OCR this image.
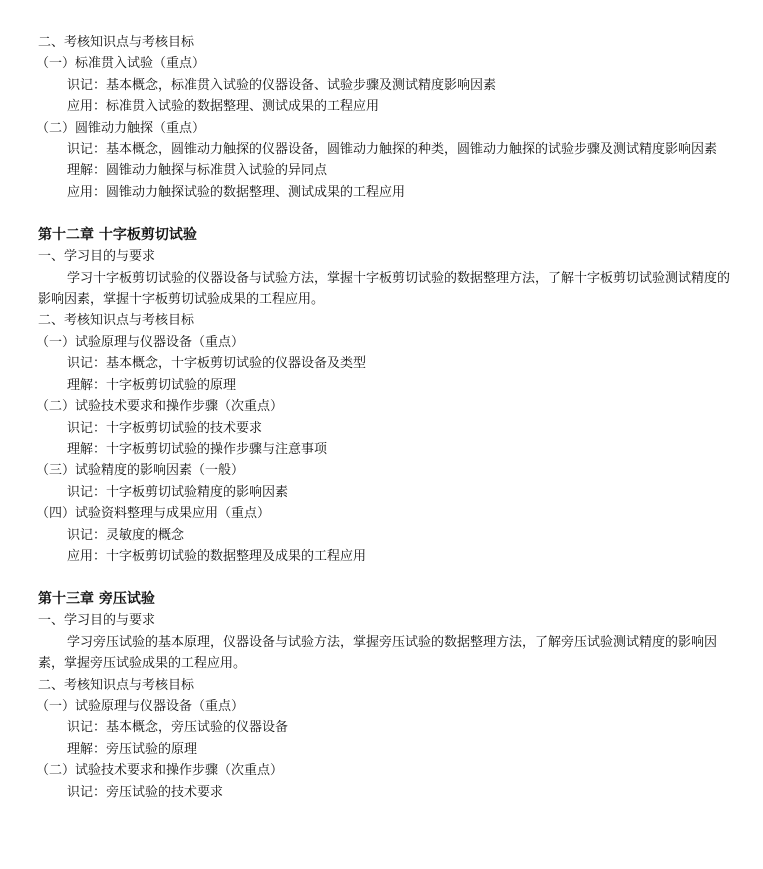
二、考核知识点与考核目标
（一）标准贯入试验（重点）
识记：基本概念，标准贯入试验的仪器设备、试验步骤及测试精度影响因素
应用：标准贯入试验的数据整理、测试成果的工程应用
（二）圆锥动力触探（重点）
识记：基本概念，圆锥动力触探的仪器设备，圆锥动力触探的种类，圆锥动力触探的试验步骤及测试精度影响因素
理解：圆锥动力触探与标准贯入试验的异同点
应用：圆锥动力触探试验的数据整理、测试成果的工程应用
第十二章 十字板剪切试验
一、学习目的与要求
学习十字板剪切试验的仪器设备与试验方法，掌握十字板剪切试验的数据整理方法，了解十字板剪切试验测试精度的影响因素，掌握十字板剪切试验成果的工程应用。
二、考核知识点与考核目标
（一）试验原理与仪器设备（重点）
识记：基本概念，十字板剪切试验的仪器设备及类型
理解：十字板剪切试验的原理
（二）试验技术要求和操作步骤（次重点）
识记：十字板剪切试验的技术要求
理解：十字板剪切试验的操作步骤与注意事项
（三）试验精度的影响因素（一般）
识记：十字板剪切试验精度的影响因素
（四）试验资料整理与成果应用（重点）
识记：灵敏度的概念
应用：十字板剪切试验的数据整理及成果的工程应用
第十三章 旁压试验
一、学习目的与要求
学习旁压试验的基本原理，仪器设备与试验方法，掌握旁压试验的数据整理方法，了解旁压试验测试精度的影响因素，掌握旁压试验成果的工程应用。
二、考核知识点与考核目标
（一）试验原理与仪器设备（重点）
识记：基本概念，旁压试验的仪器设备
理解：旁压试验的原理
（二）试验技术要求和操作步骤（次重点）
识记：旁压试验的技术要求
